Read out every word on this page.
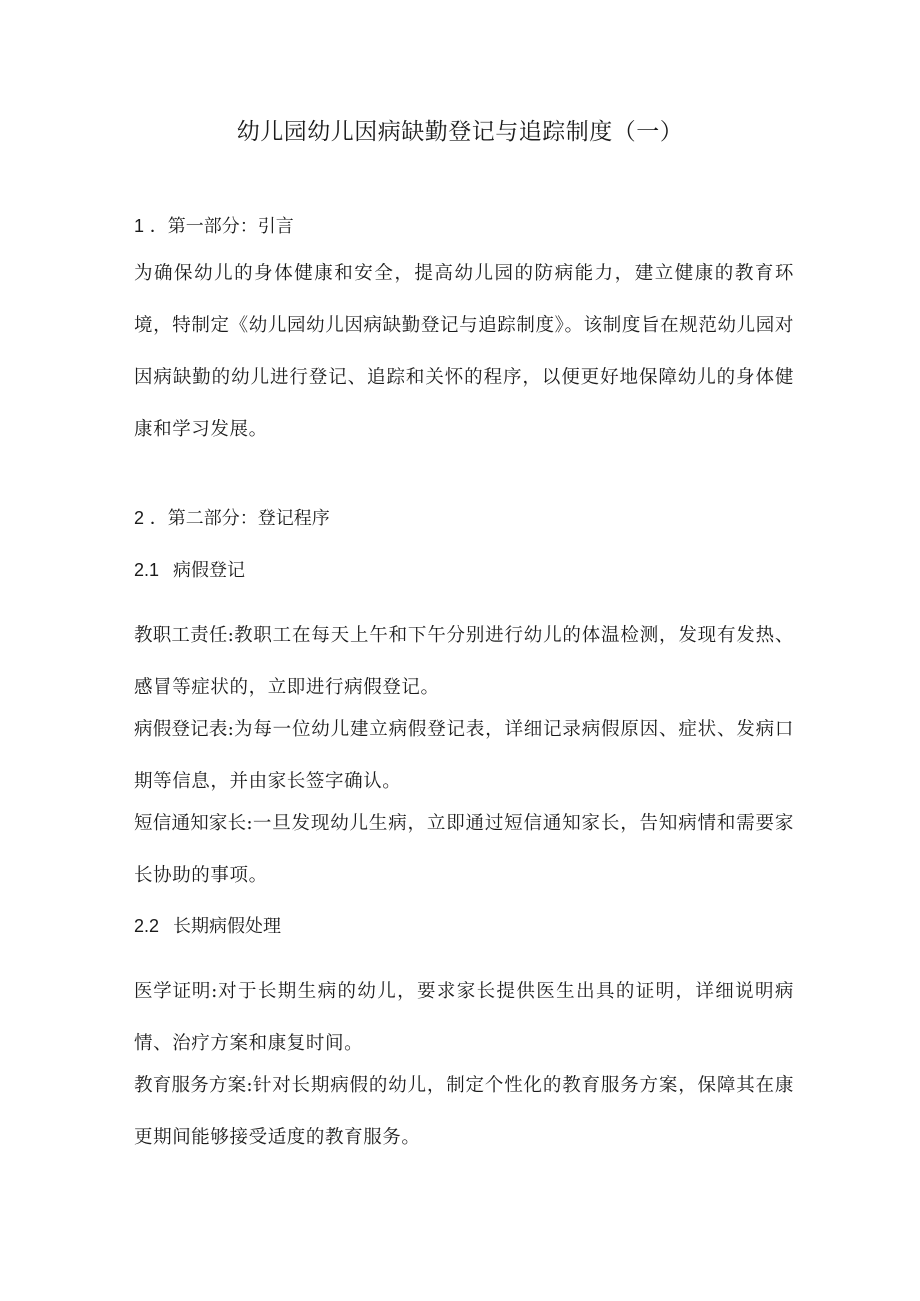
幼儿园幼儿因病缺勤登记与追踪制度（一）
1 ．第一部分：引言

为确保幼儿的身体健康和安全，提高幼儿园的防病能力，建立健康的教育环境，特制定《幼儿园幼儿因病缺勤登记与追踪制度》。该制度旨在规范幼儿园对因病缺勤的幼儿进行登记、追踪和关怀的程序，以便更好地保障幼儿的身体健康和学习发展。

2 ．第二部分：登记程序
2.1 病假登记

教职工责任:教职工在每天上午和下午分别进行幼儿的体温检测，发现有发热、感冒等症状的，立即进行病假登记。

病假登记表:为每一位幼儿建立病假登记表，详细记录病假原因、症状、发病口期等信息，并由家长签字确认。

短信通知家长:一旦发现幼儿生病，立即通过短信通知家长，告知病情和需要家长协助的事项。

2.2 长期病假处理

医学证明:对于长期生病的幼儿，要求家长提供医生出具的证明，详细说明病情、治疗方案和康复时间。

教育服务方案:针对长期病假的幼儿，制定个性化的教育服务方案，保障其在康更期间能够接受适度的教育服务。
